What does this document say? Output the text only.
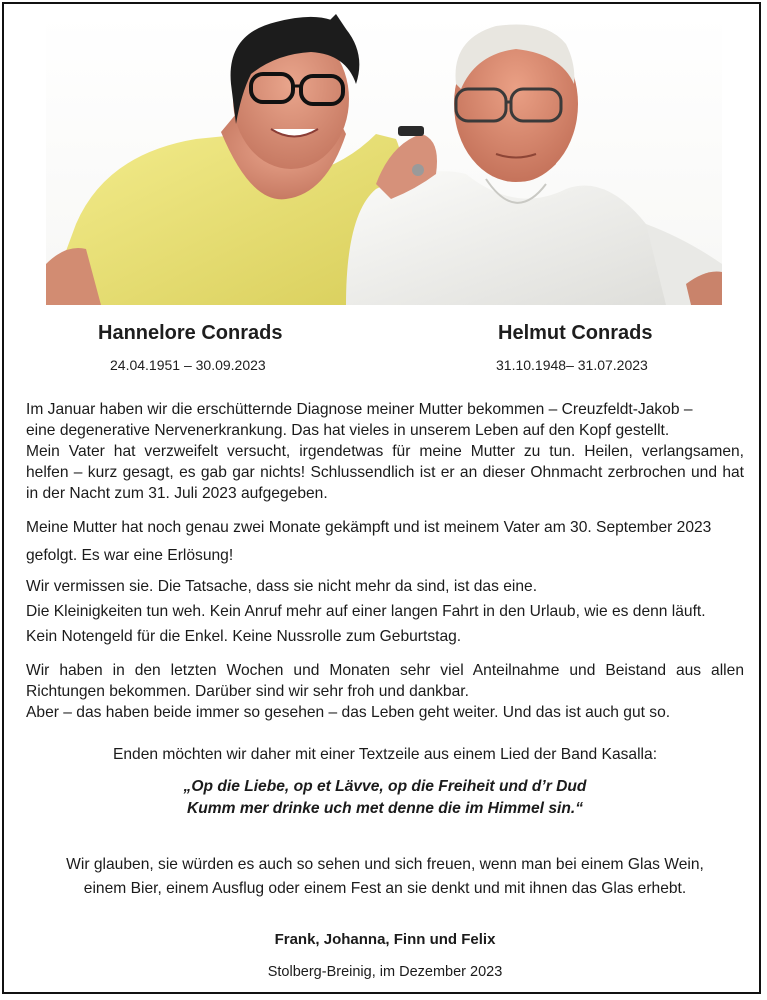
Hannelore Conrads
24.04.1951 – 30.09.2023
Helmut Conrads
31.10.1948– 31.07.2023
Im Januar haben wir die erschütternde Diagnose meiner Mutter bekommen – Creuzfeldt-Jakob –
eine degenerative Nervenerkrankung. Das hat vieles in unserem Leben auf den Kopf gestellt.
Mein Vater hat verzweifelt versucht, irgendetwas für meine Mutter zu tun. Heilen, verlangsamen,
helfen – kurz gesagt, es gab gar nichts! Schlussendlich ist er an dieser Ohnmacht zerbrochen und hat
in der Nacht zum 31. Juli 2023 aufgegeben.
Meine Mutter hat noch genau zwei Monate gekämpft und ist meinem Vater am 30. September 2023
gefolgt. Es war eine Erlösung!
Wir vermissen sie. Die Tatsache, dass sie nicht mehr da sind, ist das eine.
Die Kleinigkeiten tun weh. Kein Anruf mehr auf einer langen Fahrt in den Urlaub, wie es denn läuft.
Kein Notengeld für die Enkel. Keine Nussrolle zum Geburtstag.
Wir haben in den letzten Wochen und Monaten sehr viel Anteilnahme und Beistand aus allen
Richtungen bekommen. Darüber sind wir sehr froh und dankbar.
Aber – das haben beide immer so gesehen – das Leben geht weiter. Und das ist auch gut so.
Enden möchten wir daher mit einer Textzeile aus einem Lied der Band Kasalla:
„Op die Liebe, op et Lävve, op die Freiheit und d’r Dud
Kumm mer drinke uch met denne die im Himmel sin.“
Wir glauben, sie würden es auch so sehen und sich freuen, wenn man bei einem Glas Wein,
einem Bier, einem Ausflug oder einem Fest an sie denkt und mit ihnen das Glas erhebt.
Frank, Johanna, Finn und Felix
Stolberg-Breinig, im Dezember 2023
